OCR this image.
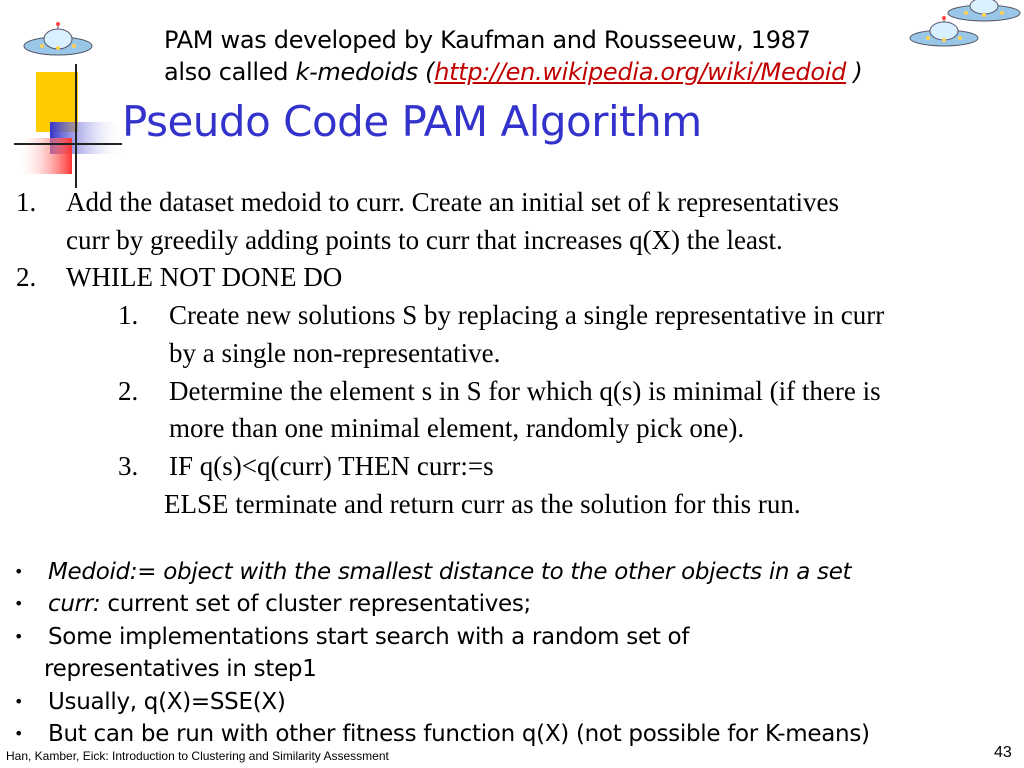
PAM was developed by Kaufman and Rousseeuw, 1987
also called k-medoids (http://en.wikipedia.org/wiki/Medoid )
Pseudo Code PAM Algorithm
1. Add the dataset medoid to curr. Create an initial set of k representatives
curr by greedily adding points to curr that increases q(X) the least.
2. WHILE NOT DONE DO
1. Create new solutions S by replacing a single representative in curr
by a single non-representative.
2. Determine the element s in S for which q(s) is minimal (if there is
more than one minimal element, randomly pick one).
3. IF q(s)<q(curr) THEN curr:=s
ELSE terminate and return curr as the solution for this run.
• Medoid:= object with the smallest distance to the other objects in a set
• curr: current set of cluster representatives;
• Some implementations start search with a random set of
representatives in step1
• Usually, q(X)=SSE(X)
• But can be run with other fitness function q(X) (not possible for K-means)
Han, Kamber, Eick: Introduction to Clustering and Similarity Assessment	43
